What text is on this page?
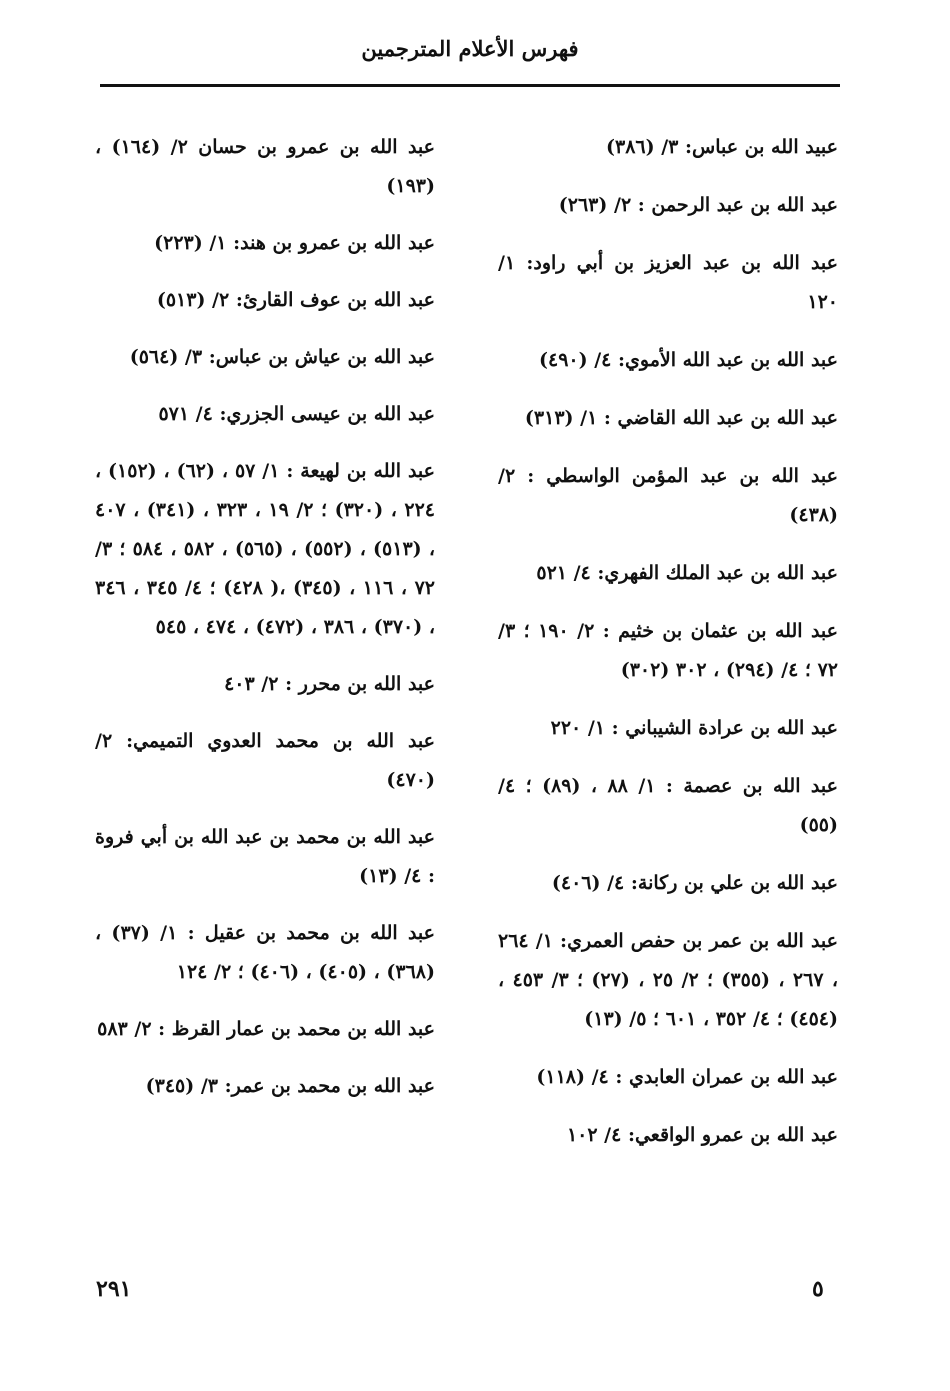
فهرس الأعلام المترجمين

عبيد الله بن عباس: ٣/ (٣٨٦)

عبد الله بن عبد الرحمن : ٢/ (٢٦٣)

عبد الله بن عبد العزيز بن أبي راود: ١/ ١٢٠

عبد الله بن عبد الله الأموي: ٤/ (٤٩٠)

عبد الله بن عبد الله القاضي : ١/ (٣١٣)

عبد الله بن عبد المؤمن الواسطي : ٢/ (٤٣٨)

عبد الله بن عبد الملك الفهري: ٤/ ٥٢١

عبد الله بن عثمان بن خثيم : ٢/ ١٩٠ ؛ ٣/ ٧٢ ؛ ٤/ (٢٩٤) ، ٣٠٢ (٣٠٢)

عبد الله بن عرادة الشيباني : ١/ ٢٢٠

عبد الله بن عصمة : ١/ ٨٨ ، (٨٩) ؛ ٤/ (٥٥)

عبد الله بن علي بن ركانة: ٤/ (٤٠٦)

عبد الله بن عمر بن حفص العمري: ١/ ٢٦٤ ، ٢٦٧ ، (٣٥٥) ؛ ٢/ ٢٥ ، (٢٧) ؛ ٣/ ٤٥٣ ، (٤٥٤) ؛ ٤/ ٣٥٢ ، ٦٠١ ؛ ٥/ (١٣)

عبد الله بن عمران العابدي : ٤/ (١١٨)

عبد الله بن عمرو الواقعي: ٤/ ١٠٢

عبد الله بن عمرو بن حسان ٢/ (١٦٤) ، (١٩٣)

عبد الله بن عمرو بن هند: ١/ (٢٢٣)

عبد الله بن عوف القارئ: ٢/ (٥١٣)

عبد الله بن عياش بن عباس: ٣/ (٥٦٤)

عبد الله بن عيسى الجزري: ٤/ ٥٧١

عبد الله بن لهيعة : ١/ ٥٧ ، (٦٢) ، (١٥٢) ، ٢٢٤ ، (٣٢٠) ؛ ٢/ ١٩ ، ٣٢٣ ، (٣٤١) ، ٤٠٧ ، (٥١٣) ، (٥٥٢) ، (٥٦٥) ، ٥٨٢ ، ٥٨٤ ؛ ٣/ ٧٢ ، ١١٦ ، (٣٤٥) ،( ٤٢٨) ؛ ٤/ ٣٤٥ ، ٣٤٦ ، (٣٧٠) ، ٣٨٦ ، (٤٧٢) ، ٤٧٤ ، ٥٤٥

عبد الله بن محرر : ٢/ ٤٠٣

عبد الله بن محمد العدوي التميمي: ٢/ (٤٧٠)

عبد الله بن محمد بن عبد الله بن أبي فروة : ٤/ (١٣)

عبد الله بن محمد بن عقيل : ١/ (٣٧) ، (٣٦٨) ، (٤٠٥) ، (٤٠٦) ؛ ٢/ ١٢٤

عبد الله بن محمد بن عمار القرظ : ٢/ ٥٨٣

عبد الله بن محمد بن عمر: ٣/ (٣٤٥)

٢٩١	٥
